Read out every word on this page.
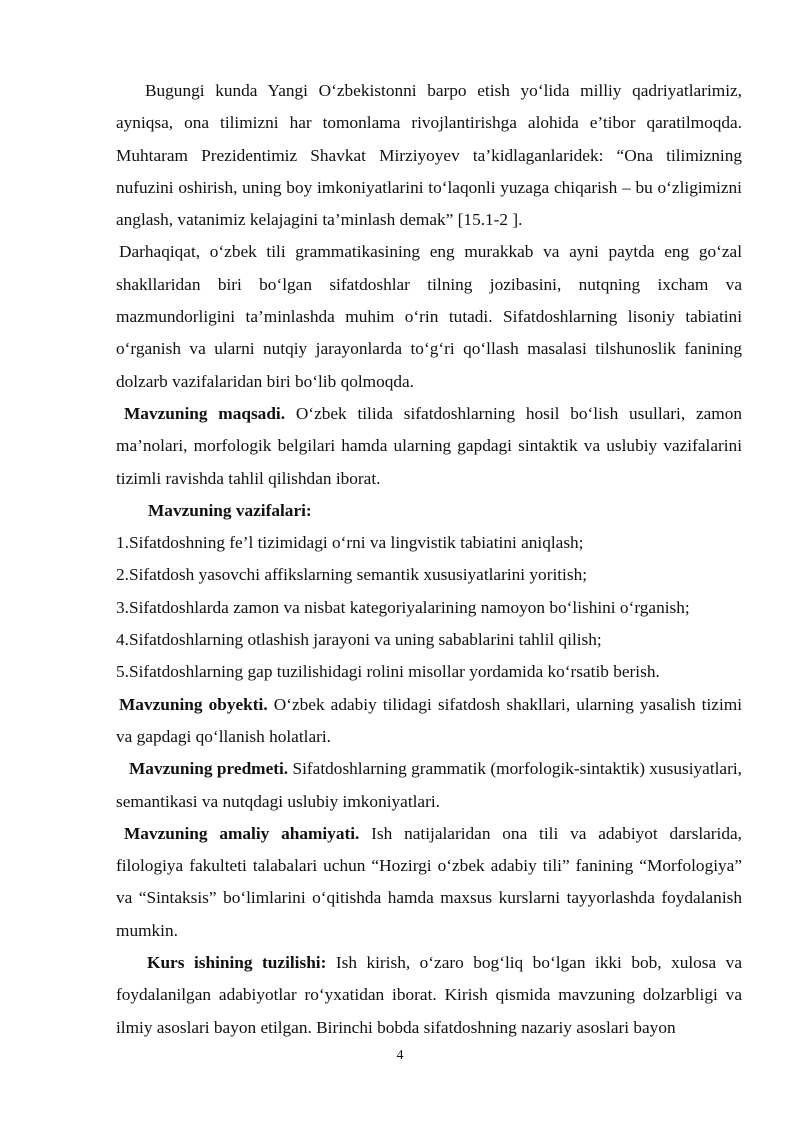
Bugungi kunda Yangi O‘zbekistonni barpo etish yo‘lida milliy qadriyatlarimiz, ayniqsa, ona tilimizni har tomonlama rivojlantirishga alohida e’tibor qaratilmoqda. Muhtaram Prezidentimiz Shavkat Mirziyoyev ta’kidlaganlaridek: “Ona tilimizning nufuzini oshirish, uning boy imkoniyatlarini to‘laqonli yuzaga chiqarish – bu o‘zligimizni anglash, vatanimiz kelajagini ta’minlash demak” [15.1-2 ].

Darhaqiqat, o‘zbek tili grammatikasining eng murakkab va ayni paytda eng go‘zal shakllaridan biri bo‘lgan sifatdoshlar tilning jozibasini, nutqning ixcham va mazmundorligini ta’minlashda muhim o‘rin tutadi. Sifatdoshlarning lisoniy tabiatini o‘rganish va ularni nutqiy jarayonlarda to‘g‘ri qo‘llash masalasi tilshunoslik fanining dolzarb vazifalaridan biri bo‘lib qolmoqda.

Mavzuning maqsadi. O‘zbek tilida sifatdoshlarning hosil bo‘lish usullari, zamon ma’nolari, morfologik belgilari hamda ularning gapdagi sintaktik va uslubiy vazifalarini tizimli ravishda tahlil qilishdan iborat.

Mavzuning vazifalari:

1.Sifatdoshning fe’l tizimidagi o‘rni va lingvistik tabiatini aniqlash;

2.Sifatdosh yasovchi affikslarning semantik xususiyatlarini yoritish;

3.Sifatdoshlarda zamon va nisbat kategoriyalarining namoyon bo‘lishini o‘rganish;

4.Sifatdoshlarning otlashish jarayoni va uning sabablarini tahlil qilish;

5.Sifatdoshlarning gap tuzilishidagi rolini misollar yordamida ko‘rsatib berish.

Mavzuning obyekti. O‘zbek adabiy tilidagi sifatdosh shakllari, ularning yasalish tizimi va gapdagi qo‘llanish holatlari.

Mavzuning predmeti. Sifatdoshlarning grammatik (morfologik-sintaktik) xususiyatlari, semantikasi va nutqdagi uslubiy imkoniyatlari.

Mavzuning amaliy ahamiyati. Ish natijalaridan ona tili va adabiyot darslarida, filologiya fakulteti talabalari uchun “Hozirgi o‘zbek adabiy tili” fanining “Morfologiya” va “Sintaksis” bo‘limlarini o‘qitishda hamda maxsus kurslarni tayyorlashda foydalanish mumkin.

Kurs ishining tuzilishi: Ish kirish, o‘zaro bog‘liq bo‘lgan ikki bob, xulosa va foydalanilgan adabiyotlar ro‘yxatidan iborat. Kirish qismida mavzuning dolzarbligi va ilmiy asoslari bayon etilgan. Birinchi bobda sifatdoshning nazariy asoslari bayon

4
